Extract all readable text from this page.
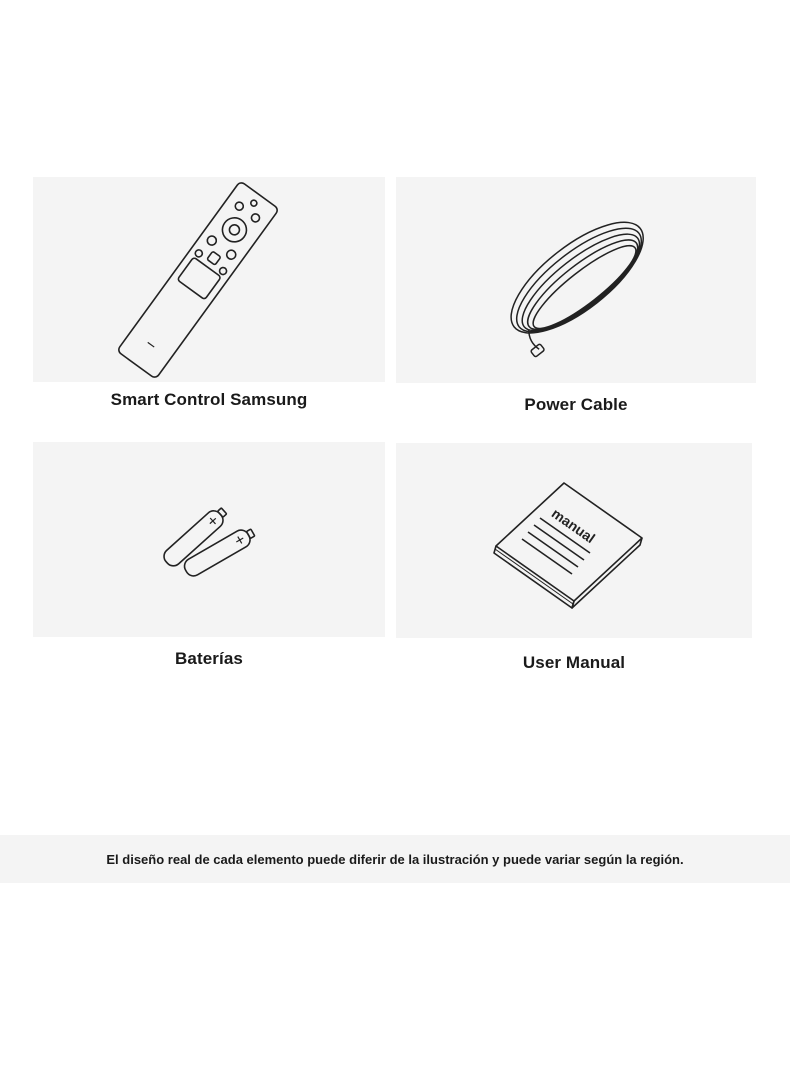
Smart Control Samsung	Power Cable
Baterías
manual
User Manual
El diseño real de cada elemento puede diferir de la ilustración y puede variar según la región.
